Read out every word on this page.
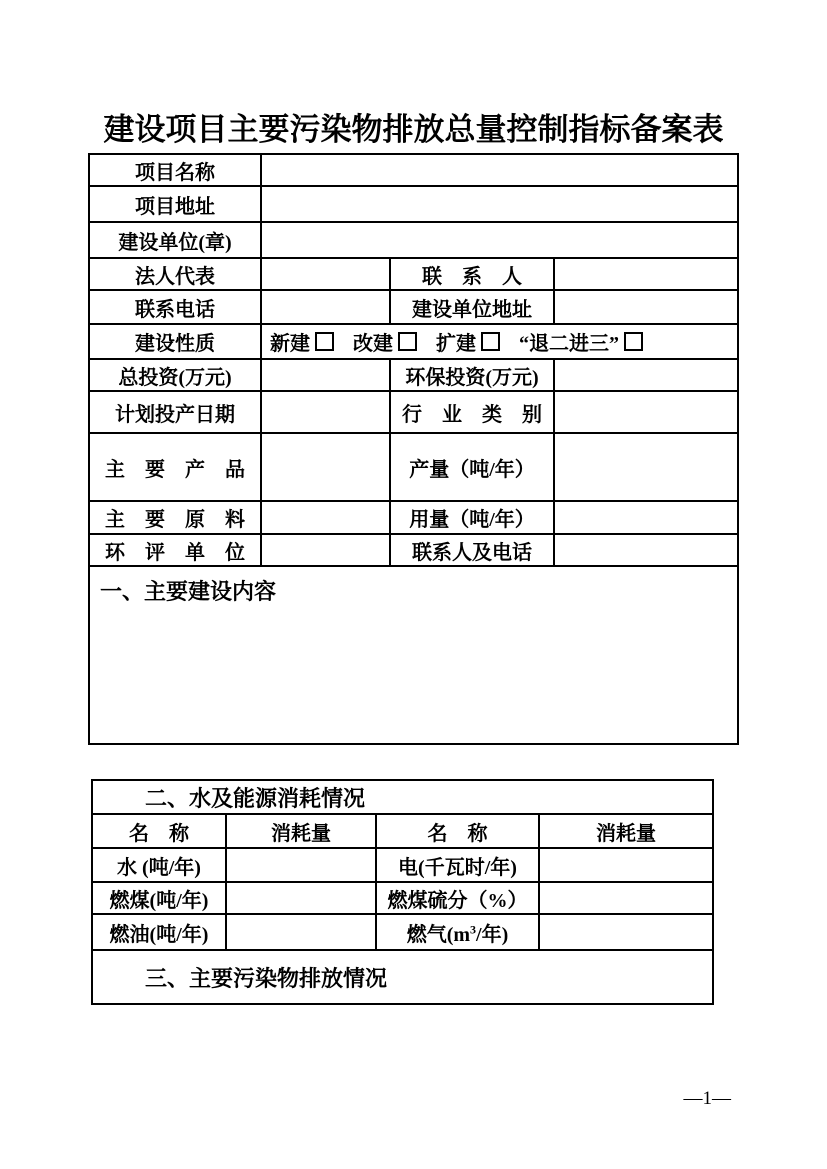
建设项目主要污染物排放总量控制指标备案表
项目名称			
项目地址			
建设单位(章)			
法人代表		联　系　人	
联系电话		建设单位地址	
建设性质	新建 改建 扩建 “退二进三”		
总投资(万元)		环保投资(万元)	
计划投产日期		行　业　类　别	
主　要　产　品		产量（吨/年）	
主　要　原　料		用量（吨/年）	
环　评　单　位		联系人及电话	
一、主要建设内容			
二、水及能源消耗情况			
名　称	消耗量	名　称	消耗量
水 (吨/年)		电(千瓦时/年)	
燃煤(吨/年)		燃煤硫分（%）	
燃油(吨/年)		燃气($m^3/$年)	
三、主要污染物排放情况			
—1—
